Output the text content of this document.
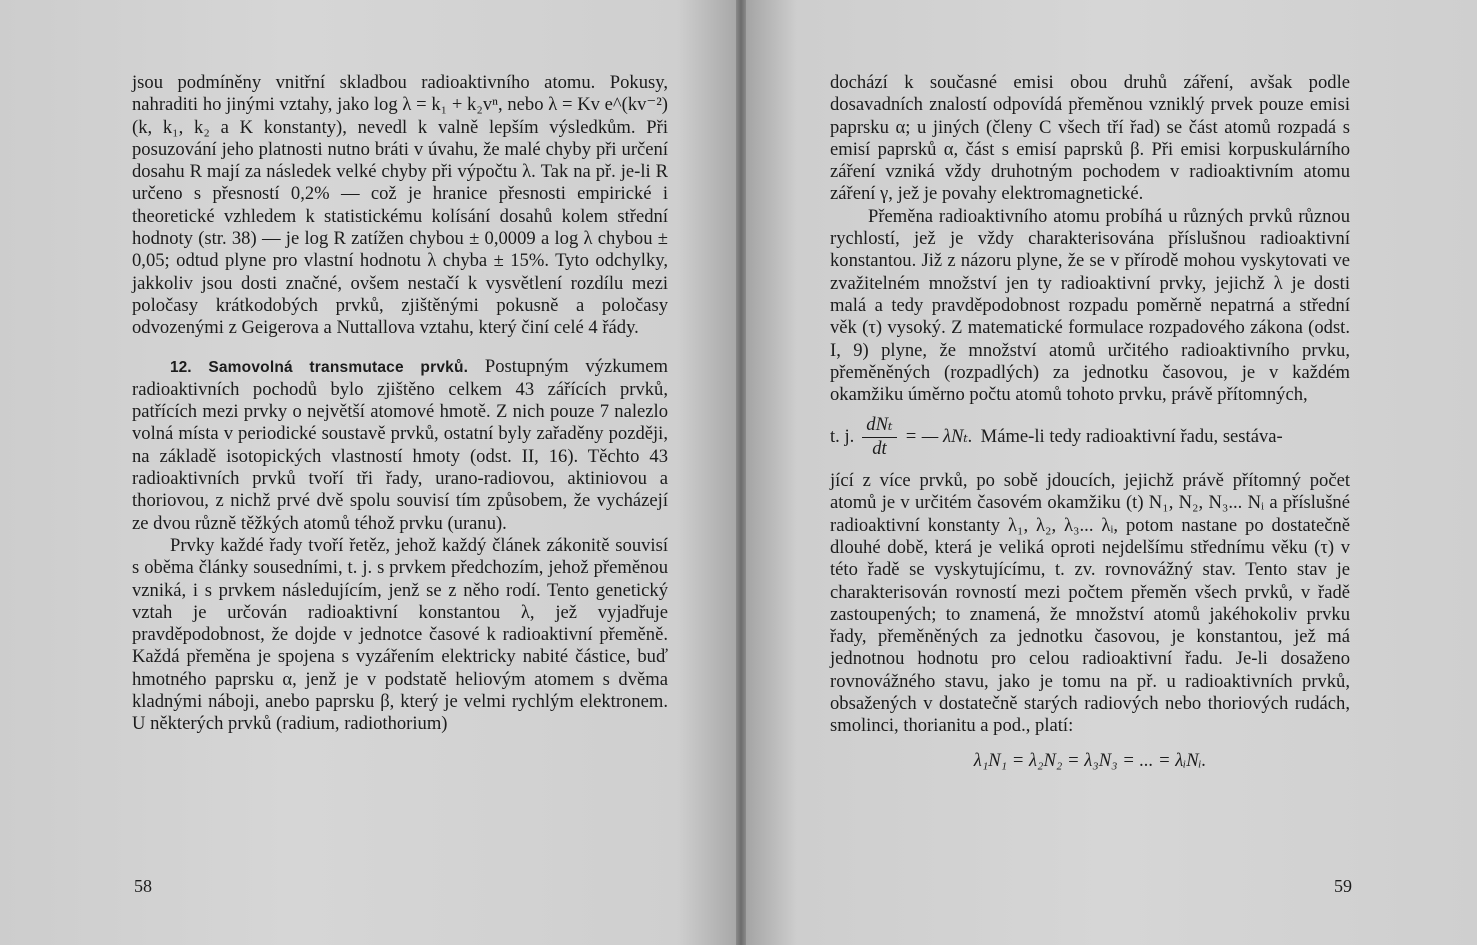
jsou podmíněny vnitřní skladbou radioaktivního atomu. Pokusy, nahraditi ho jinými vztahy, jako log λ = k₁ + k₂vⁿ, nebo λ = Kv e^(kv⁻²) (k, k₁, k₂ a K konstanty), nevedl k valně lepším výsledkům. Při posuzování jeho platnosti nutno bráti v úvahu, že malé chyby při určení dosahu R mají za následek velké chyby při výpočtu λ. Tak na př. je-li R určeno s přesností 0,2% — což je hranice přesnosti empirické i theoretické vzhledem k statistickému kolísání dosahů kolem střední hodnoty (str. 38) — je log R zatížen chybou ± 0,0009 a log λ chybou ± 0,05; odtud plyne pro vlastní hodnotu λ chyba ± 15%. Tyto odchylky, jakkoliv jsou dosti značné, ovšem nestačí k vysvětlení rozdílu mezi poločasy krátkodobých prvků, zjištěnými pokusně a poločasy odvozenými z Geigerova a Nuttallova vztahu, který činí celé 4 řády.

12. Samovolná transmutace prvků. Postupným výzkumem radioaktivních pochodů bylo zjištěno celkem 43 zářících prvků, patřících mezi prvky o největší atomové hmotě. Z nich pouze 7 nalezlo volná místa v periodické soustavě prvků, ostatní byly zařaděny později, na základě isotopických vlastností hmoty (odst. II, 16). Těchto 43 radioaktivních prvků tvoří tři řady, urano-radiovou, aktiniovou a thoriovou, z nichž prvé dvě spolu souvisí tím způsobem, že vycházejí ze dvou různě těžkých atomů téhož prvku (uranu).

Prvky každé řady tvoří řetěz, jehož každý článek zákonitě souvisí s oběma články sousedními, t. j. s prvkem předchozím, jehož přeměnou vzniká, i s prvkem následujícím, jenž se z něho rodí. Tento genetický vztah je určován radioaktivní konstantou λ, jež vyjadřuje pravděpodobnost, že dojde v jednotce časové k radioaktivní přeměně. Každá přeměna je spojena s vyzářením elektricky nabité částice, buď hmotného paprsku α, jenž je v podstatě heliovým atomem s dvěma kladnými náboji, anebo paprsku β, který je velmi rychlým elektronem. U některých prvků (radium, radiothorium)

58

dochází k současné emisi obou druhů záření, avšak podle dosavadních znalostí odpovídá přeměnou vzniklý prvek pouze emisi paprsku α; u jiných (členy C všech tří řad) se část atomů rozpadá s emisí paprsků α, část s emisí paprsků β. Při emisi korpuskulárního záření vzniká vždy druhotným pochodem v radioaktivním atomu záření γ, jež je povahy elektromagnetické.

Přeměna radioaktivního atomu probíhá u různých prvků různou rychlostí, jež je vždy charakterisována příslušnou radioaktivní konstantou. Již z názoru plyne, že se v přírodě mohou vyskytovati ve zvažitelném množství jen ty radioaktivní prvky, jejichž λ je dosti malá a tedy pravděpodobnost rozpadu poměrně nepatrná a střední věk (τ) vysoký. Z matematické formulace rozpadového zákona (odst. I, 9) plyne, že množství atomů určitého radioaktivního prvku, přeměněných (rozpadlých) za jednotku časovou, je v každém okamžiku úměrno počtu atomů tohoto prvku, právě přítomných,

t. j. $\frac{\text{dNₜ}}{dt}$ = — λNₜ. Máme-li tedy radioaktivní řadu, sestáva-

jící z více prvků, po sobě jdoucích, jejichž právě přítomný počet atomů je v určitém časovém okamžiku (t) N₁, N₂, N₃... Nᵢ a příslušné radioaktivní konstanty λ₁, λ₂, λ₃... λᵢ, potom nastane po dostatečně dlouhé době, která je veliká oproti nejdelšímu střednímu věku (τ) v této řadě se vyskytujícímu, t. zv. rovnovážný stav. Tento stav je charakterisován rovností mezi počtem přeměn všech prvků, v řadě zastoupených; to znamená, že množství atomů jakéhokoliv prvku řady, přeměněných za jednotku časovou, je konstantou, jež má jednotnou hodnotu pro celou radioaktivní řadu. Je-li dosaženo rovnovážného stavu, jako je tomu na př. u radioaktivních prvků, obsažených v dostatečně starých radiových nebo thoriových rudách, smolinci, thorianitu a pod., platí:

λ₁N₁ = λ₂N₂ = λ₃N₃ = ... = λᵢNᵢ.
59
